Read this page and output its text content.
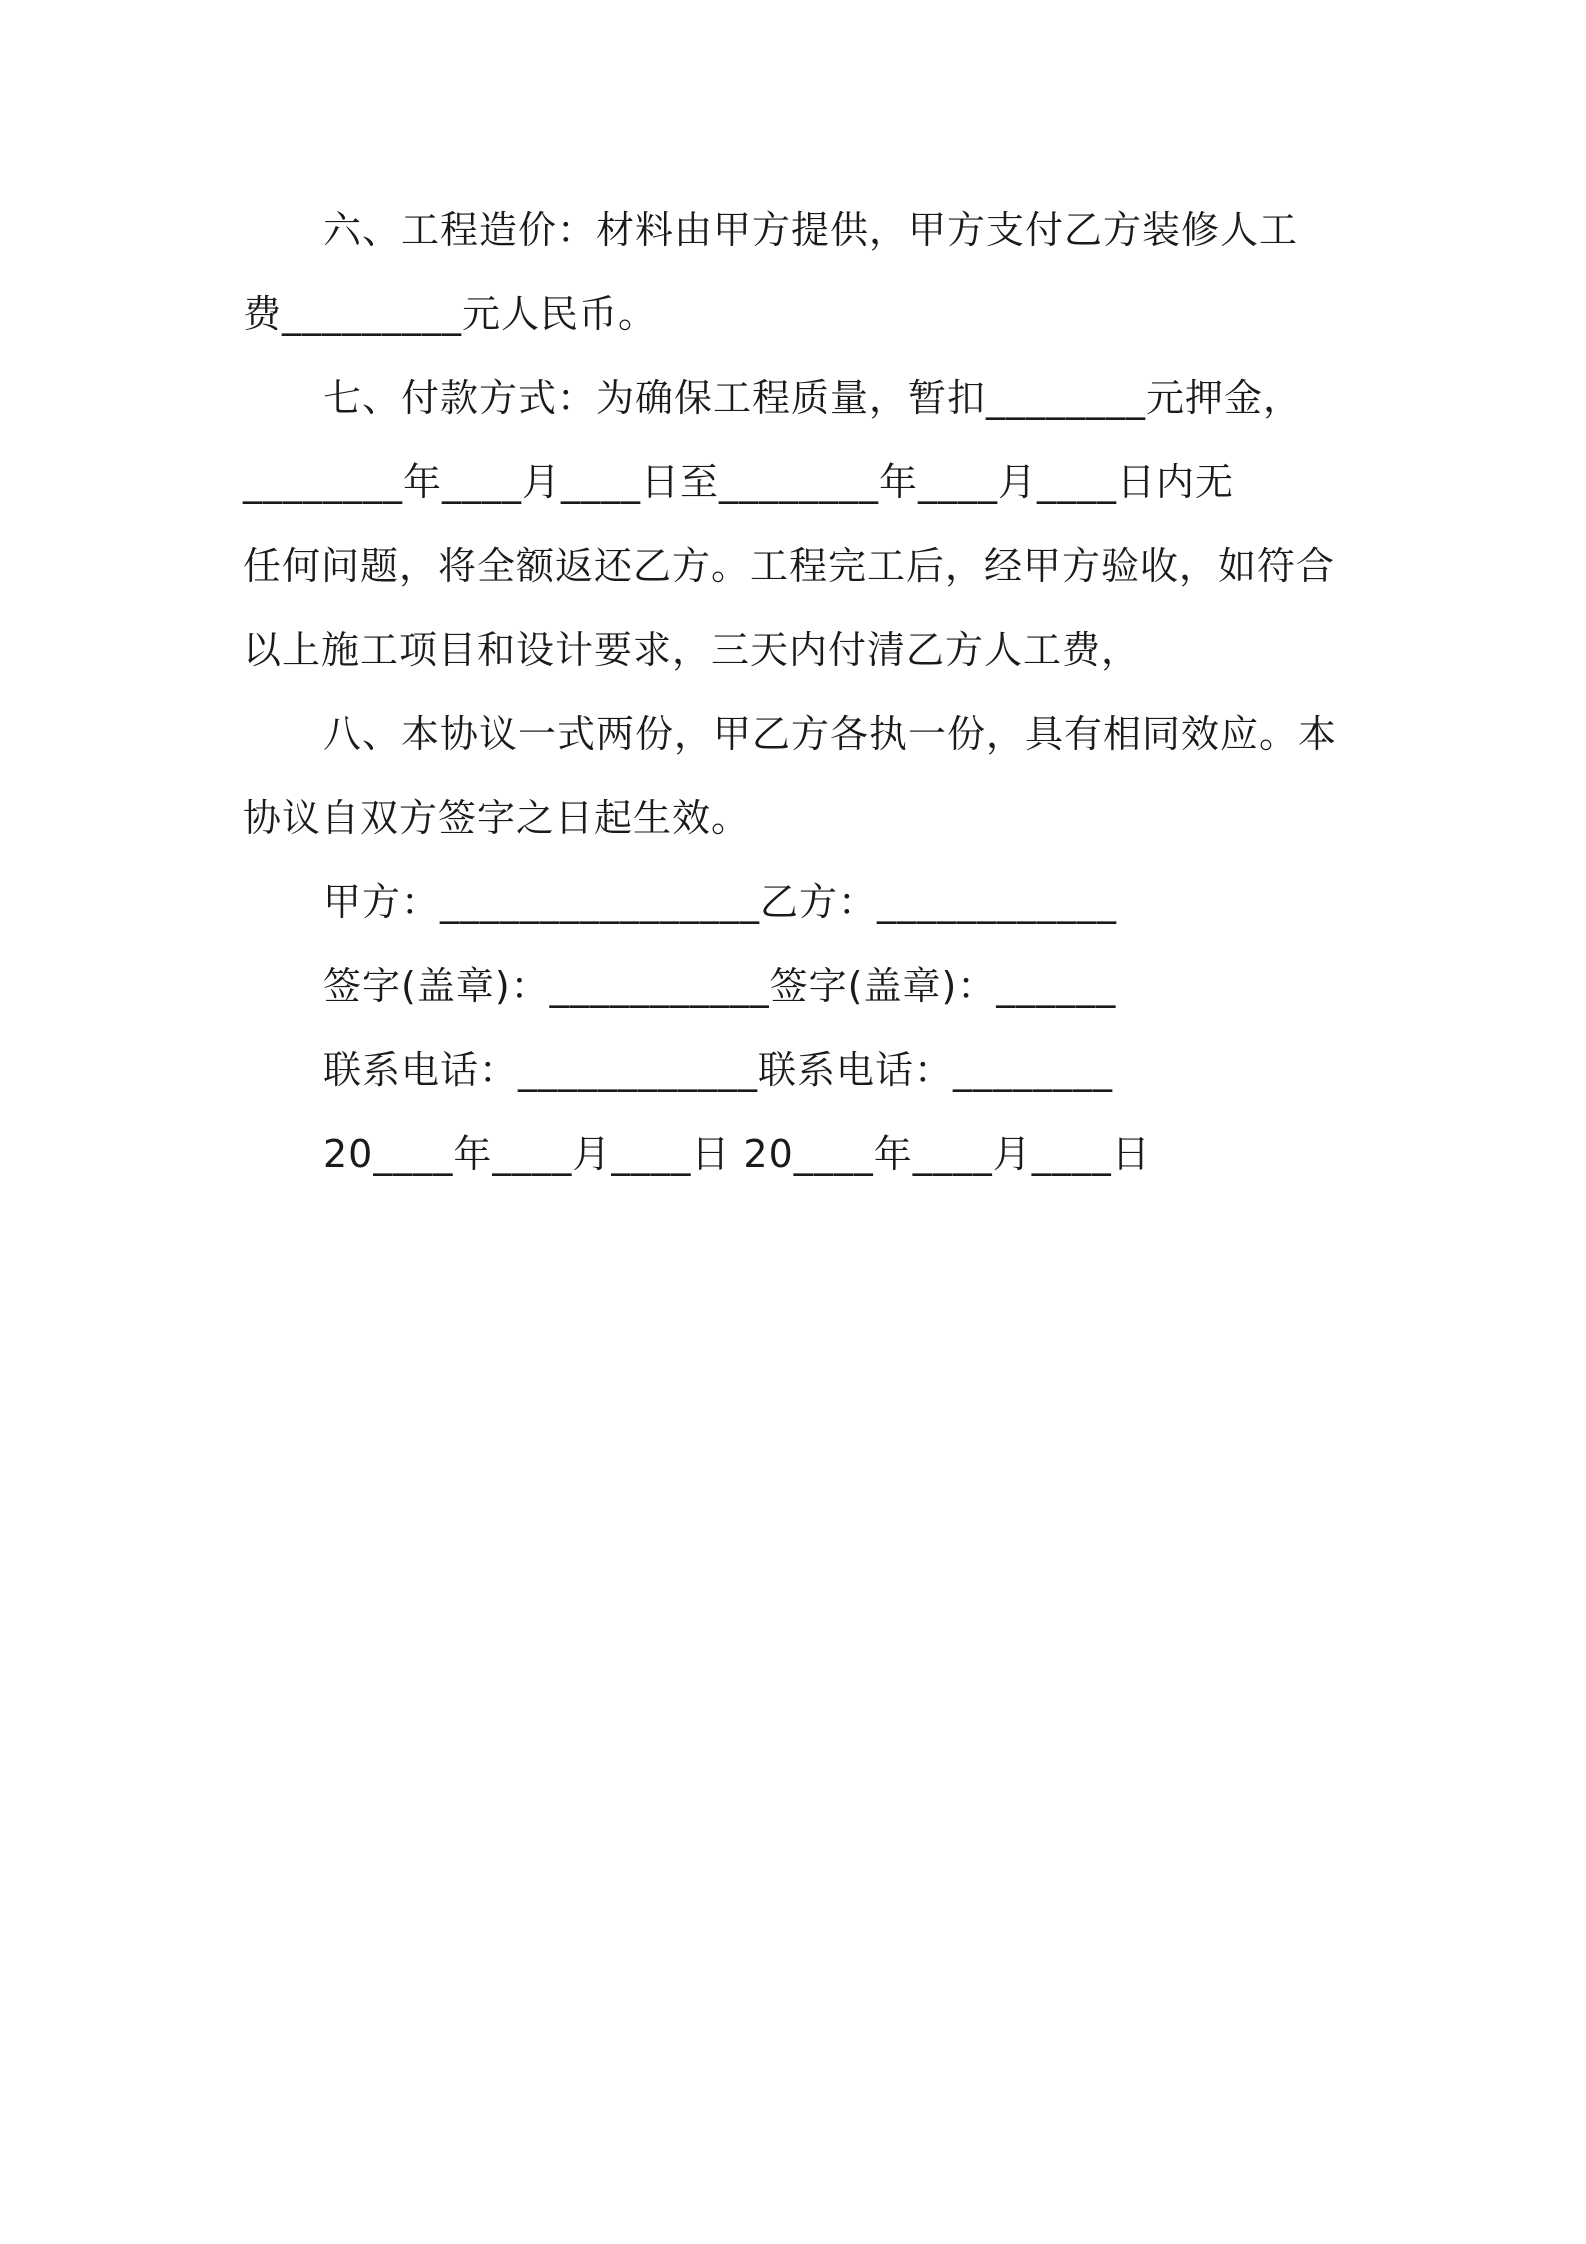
六、工程造价：材料由甲方提供，甲方支付乙方装修人工
费_________元人民币。
七、付款方式：为确保工程质量，暂扣________元押金，
________年____月____日至________年____月____日内无
任何问题，将全额返还乙方。工程完工后，经甲方验收，如符合
以上施工项目和设计要求，三天内付清乙方人工费，
八、本协议一式两份，甲乙方各执一份，具有相同效应。本
协议自双方签字之日起生效。
甲方：________________乙方：____________
签字(盖章)：___________签字(盖章)：______
联系电话：____________联系电话：________
20____年____月____日 20____年____月____日
